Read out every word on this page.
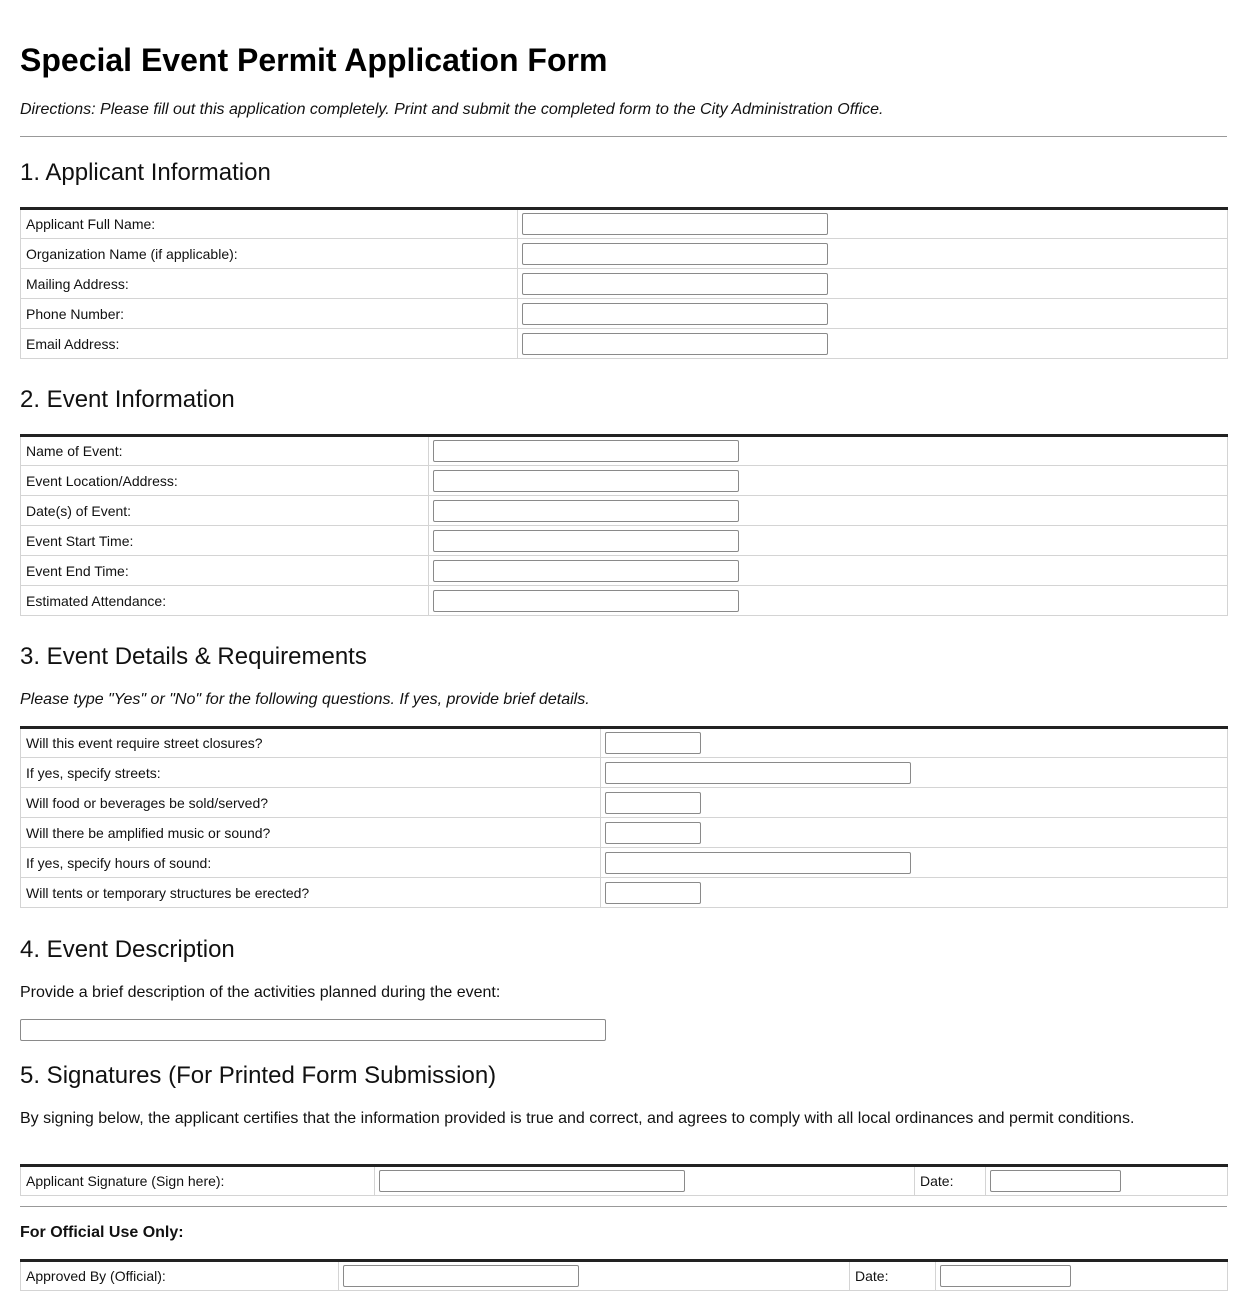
Special Event Permit Application Form

Directions: Please fill out this application completely. Print and submit the completed form to the City Administration Office.

1. Applicant Information
Applicant Full Name:	

Organization Name (if applicable):	

Mailing Address:	

Phone Number:	

Email Address:	
2. Event Information
Name of Event:	

Event Location/Address:	

Date(s) of Event:	

Event Start Time:	

Event End Time:	

Estimated Attendance:	
3. Event Details & Requirements

Please type "Yes" or "No" for the following questions. If yes, provide brief details.

Will this event require street closures?	

If yes, specify streets:	

Will food or beverages be sold/served?	

Will there be amplified music or sound?	

If yes, specify hours of sound:	

Will tents or temporary structures be erected?	
4. Event Description

Provide a brief description of the activities planned during the event:

5. Signatures (For Printed Form Submission)

By signing below, the applicant certifies that the information provided is true and correct, and agrees to comply with all local ordinances and permit conditions.

Applicant Signature (Sign here):		Date:	

For Official Use Only:

Approved By (Official):		Date:	
